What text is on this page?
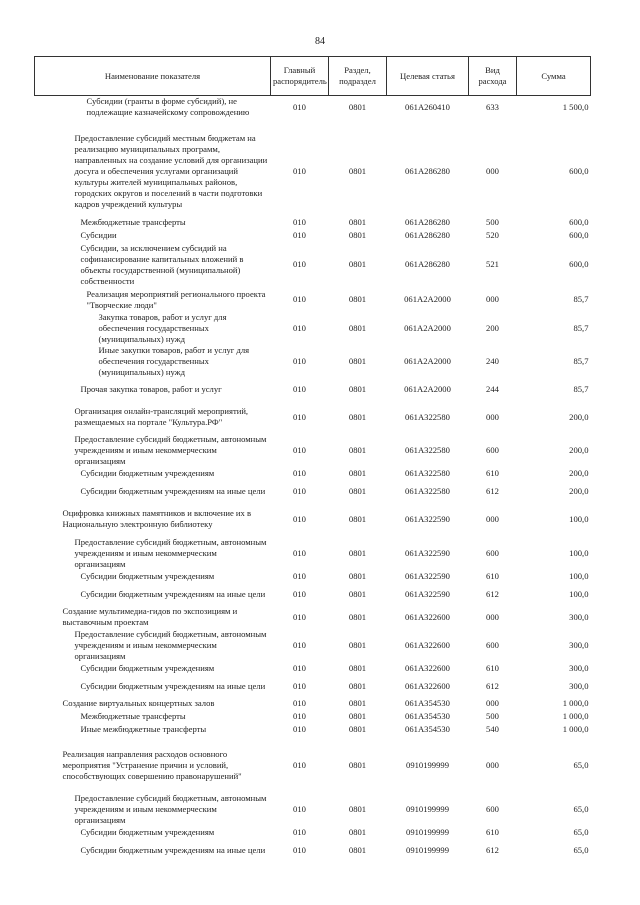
84
Наименование показателя	Главный распорядитель	Раздел, подраздел	Целевая статья	Вид расхода	Сумма
Субсидии (гранты в форме субсидий), не подлежащие казначейскому сопровождению	010	0801	061A260410	633	1 500,0
Предоставление субсидий местным бюджетам на реализацию муниципальных программ, направленных на создание условий для организации досуга и обеспечения услугами организаций культуры жителей муниципальных районов, городских округов и поселений в части подготовки кадров учреждений культуры	010	0801	061A286280	000	600,0
Межбюджетные трансферты	010	0801	061A286280	500	600,0
Субсидии	010	0801	061A286280	520	600,0
Субсидии, за исключением субсидий на софинансирование капитальных вложений в объекты государственной (муниципальной) собственности	010	0801	061A286280	521	600,0
Реализация мероприятий регионального проекта "Творческие люди"	010	0801	061A2A2000	000	85,7
Закупка товаров, работ и услуг для обеспечения государственных (муниципальных) нужд	010	0801	061A2A2000	200	85,7
Иные закупки товаров, работ и услуг для обеспечения государственных (муниципальных) нужд	010	0801	061A2A2000	240	85,7
Прочая закупка товаров, работ и услуг	010	0801	061A2A2000	244	85,7
Организация онлайн-трансляций мероприятий, размещаемых на портале "Культура.РФ"	010	0801	061A322580	000	200,0
Предоставление субсидий бюджетным, автономным учреждениям и иным некоммерческим организациям	010	0801	061A322580	600	200,0
Субсидии бюджетным учреждениям	010	0801	061A322580	610	200,0
Субсидии бюджетным учреждениям на иные цели	010	0801	061A322580	612	200,0
Оцифровка книжных памятников и включение их в Национальную электронную библиотеку	010	0801	061A322590	000	100,0
Предоставление субсидий бюджетным, автономным учреждениям и иным некоммерческим организациям	010	0801	061A322590	600	100,0
Субсидии бюджетным учреждениям	010	0801	061A322590	610	100,0
Субсидии бюджетным учреждениям на иные цели	010	0801	061A322590	612	100,0
Создание мультимедиа-гидов по экспозициям и выставочным проектам	010	0801	061A322600	000	300,0
Предоставление субсидий бюджетным, автономным учреждениям и иным некоммерческим организациям	010	0801	061A322600	600	300,0
Субсидии бюджетным учреждениям	010	0801	061A322600	610	300,0
Субсидии бюджетным учреждениям на иные цели	010	0801	061A322600	612	300,0
Создание виртуальных концертных залов	010	0801	061A354530	000	1 000,0
Межбюджетные трансферты	010	0801	061A354530	500	1 000,0
Иные межбюджетные трансферты	010	0801	061A354530	540	1 000,0
Реализация направления расходов основного мероприятия "Устранение причин и условий, способствующих совершению правонарушений"	010	0801	0910199999	000	65,0
Предоставление субсидий бюджетным, автономным учреждениям и иным некоммерческим организациям	010	0801	0910199999	600	65,0
Субсидии бюджетным учреждениям	010	0801	0910199999	610	65,0
Субсидии бюджетным учреждениям на иные цели	010	0801	0910199999	612	65,0
